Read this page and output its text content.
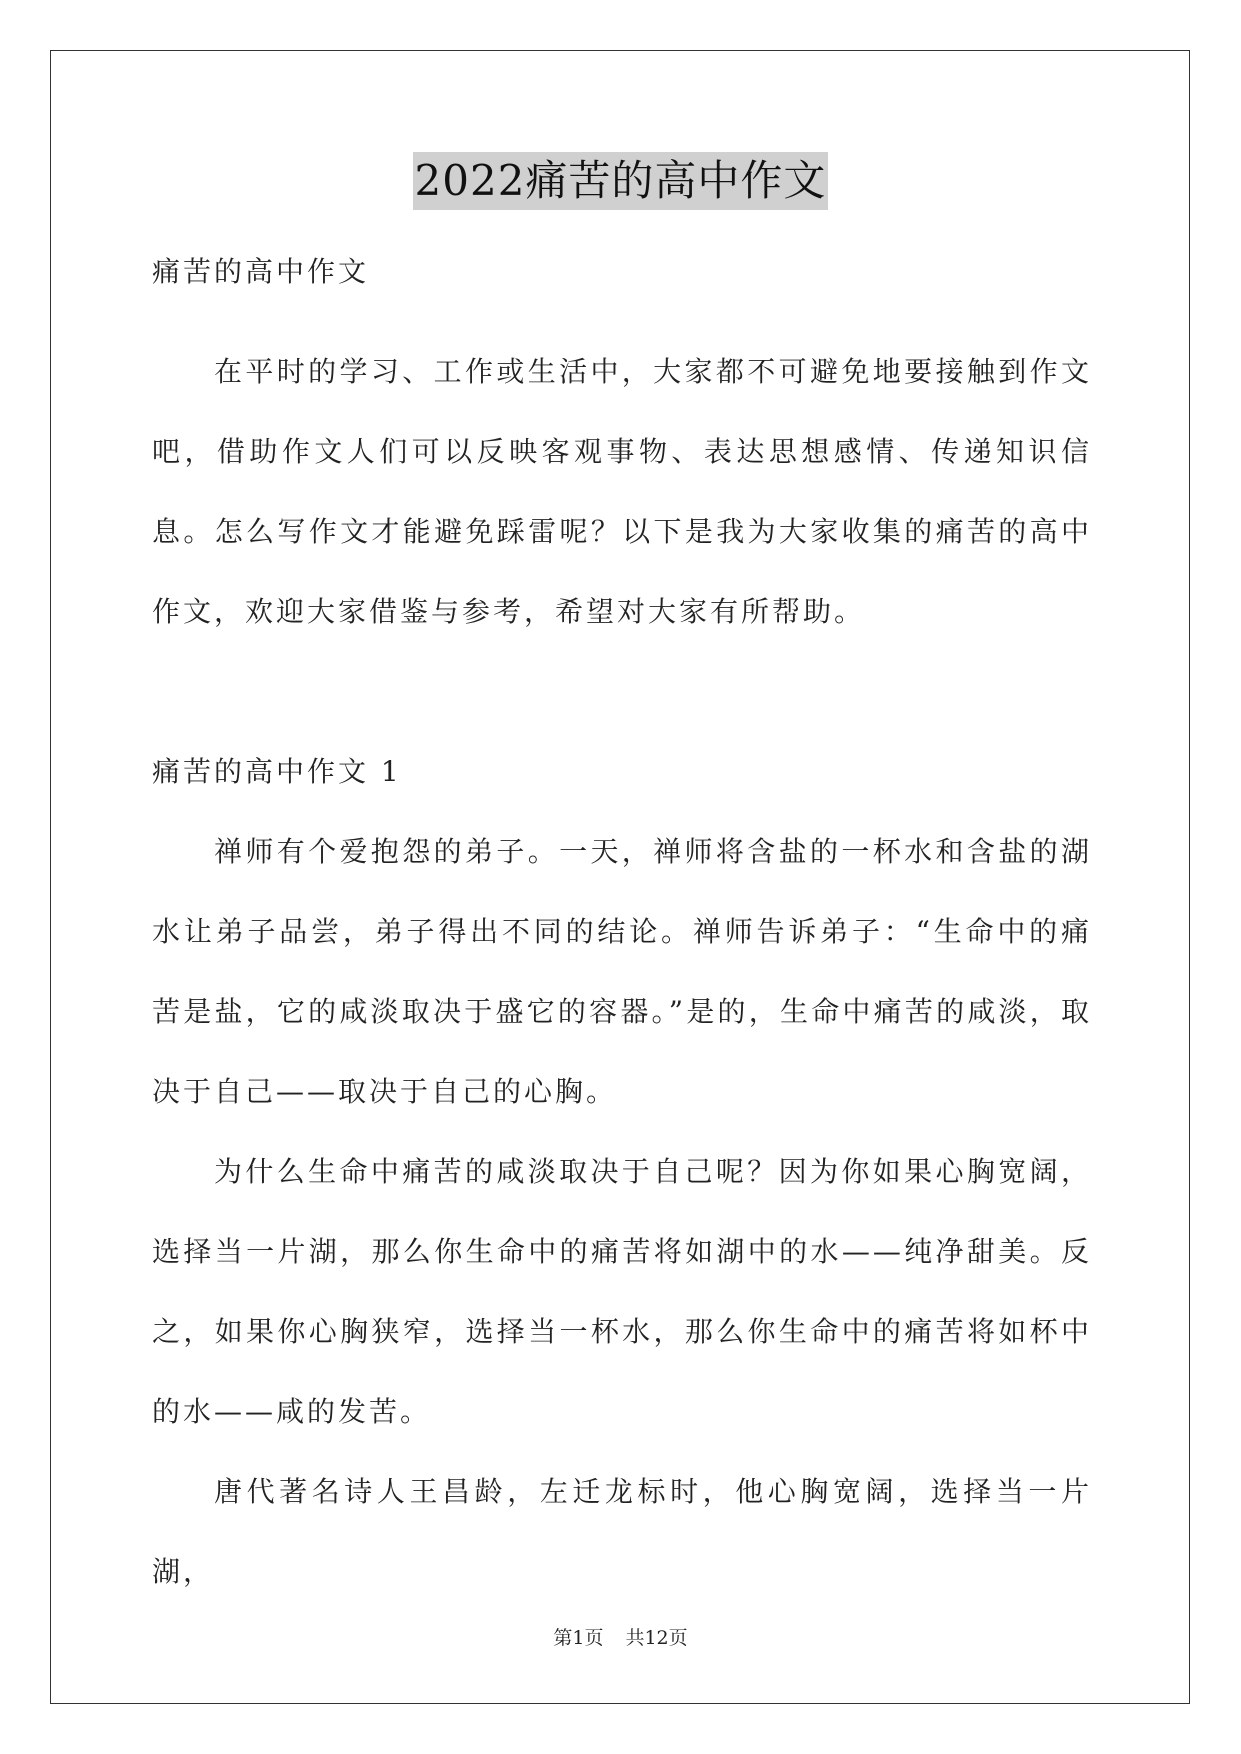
2022痛苦的高中作文

痛苦的高中作文

在平时的学习、工作或生活中，大家都不可避免地要接触到作文吧，借助作文人们可以反映客观事物、表达思想感情、传递知识信息。怎么写作文才能避免踩雷呢？以下是我为大家收集的痛苦的高中作文，欢迎大家借鉴与参考，希望对大家有所帮助。

痛苦的高中作文 1

禅师有个爱抱怨的弟子。一天，禅师将含盐的一杯水和含盐的湖水让弟子品尝，弟子得出不同的结论。禅师告诉弟子：“生命中的痛苦是盐，它的咸淡取决于盛它的容器。”是的，生命中痛苦的咸淡，取决于自己——取决于自己的心胸。

为什么生命中痛苦的咸淡取决于自己呢？因为你如果心胸宽阔，选择当一片湖，那么你生命中的痛苦将如湖中的水——纯净甜美。反之，如果你心胸狭窄，选择当一杯水，那么你生命中的痛苦将如杯中的水——咸的发苦。

唐代著名诗人王昌龄，左迁龙标时，他心胸宽阔，选择当一片湖，

第1页 共12页
